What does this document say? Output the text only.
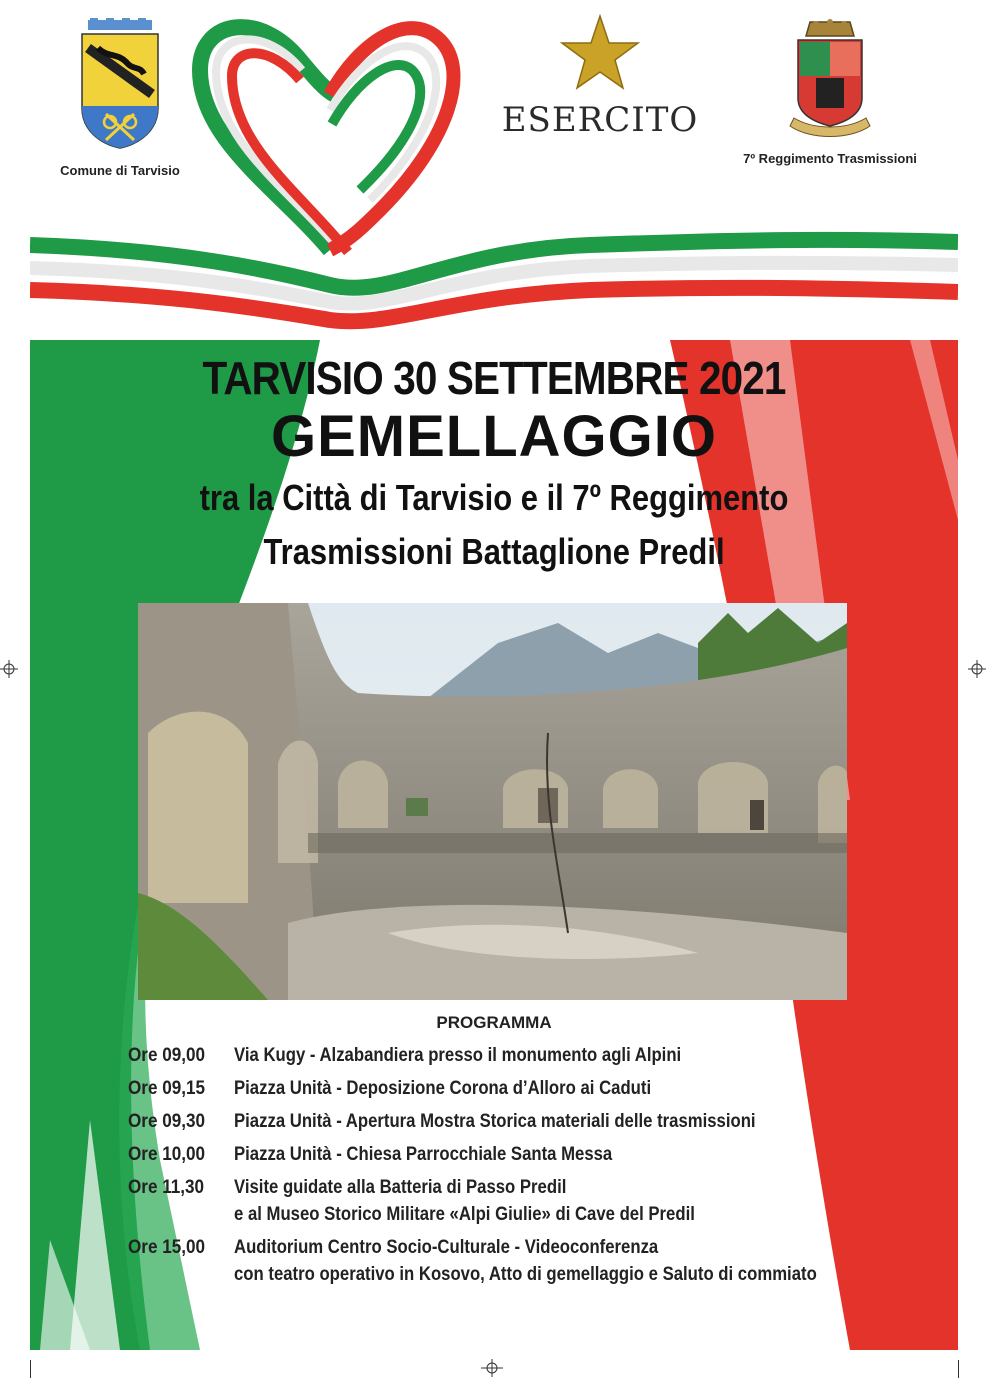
Comune di Tarvisio
ESERCITO
7º Reggimento Trasmissioni
TARVISIO 30 SETTEMBRE 2021
GEMELLAGGIO
tra la Città di Tarvisio e il 7º Reggimento
Trasmissioni Battaglione Predil
PROGRAMMA
Ore 09,00	Via Kugy - Alzabandiera presso il monumento agli Alpini
Ore 09,15	Piazza Unità - Deposizione Corona d’Alloro ai Caduti
Ore 09,30	Piazza Unità - Apertura Mostra Storica materiali delle trasmissioni
Ore 10,00	Piazza Unità - Chiesa Parrocchiale Santa Messa
Ore 11,30	Visite guidate alla Batteria di Passo Predil
e al Museo Storico Militare «Alpi Giulie» di Cave del Predil
Ore 15,00	Auditorium Centro Socio-Culturale - Videoconferenza
con teatro operativo in Kosovo, Atto di gemellaggio e Saluto di commiato
